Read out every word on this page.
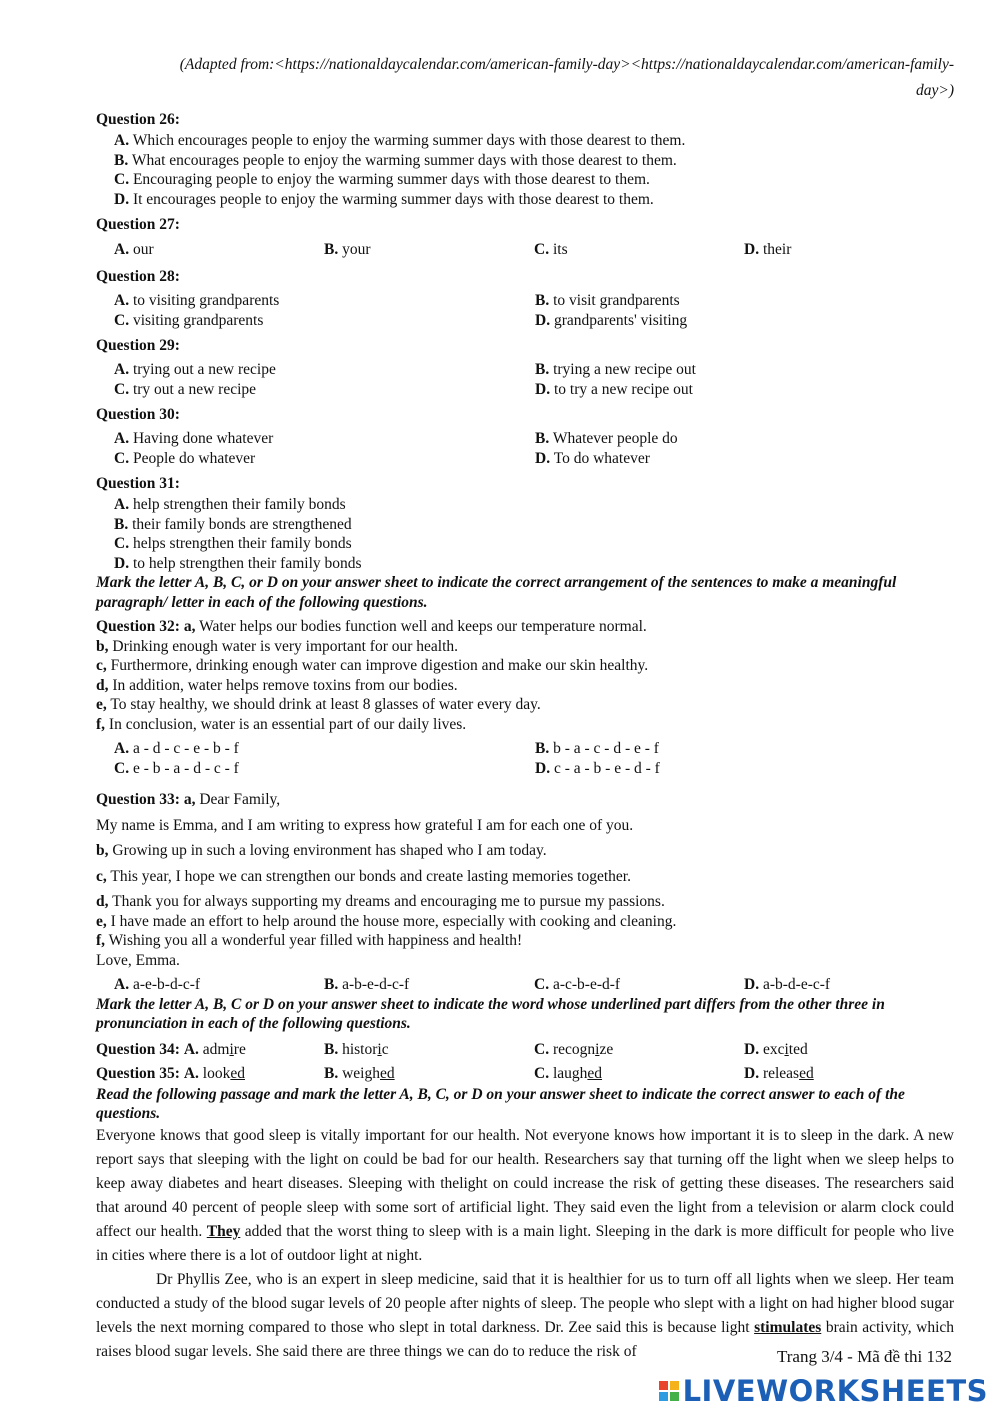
(Adapted from:<https://nationaldaycalendar.com/american-family-day><https://nationaldaycalendar.com/american-family-
day>)
Question 26:
A. Which encourages people to enjoy the warming summer days with those dearest to them.
B. What encourages people to enjoy the warming summer days with those dearest to them.
C. Encouraging people to enjoy the warming summer days with those dearest to them.
D. It encourages people to enjoy the warming summer days with those dearest to them.
Question 27:
A. our	B. your	C. its	D. their
Question 28:
A. to visiting grandparents	B. to visit grandparents
C. visiting grandparents	D. grandparents' visiting
Question 29:
A. trying out a new recipe	B. trying a new recipe out
C. try out a new recipe	D. to try a new recipe out
Question 30:
A. Having done whatever	B. Whatever people do
C. People do whatever	D. To do whatever
Question 31:
A. help strengthen their family bonds
B. their family bonds are strengthened
C. helps strengthen their family bonds
D. to help strengthen their family bonds
Mark the letter A, B, C, or D on your answer sheet to indicate the correct arrangement of the sentences to make a meaningful paragraph/ letter in each of the following questions.
Question 32: a, Water helps our bodies function well and keeps our temperature normal.
b, Drinking enough water is very important for our health.
c, Furthermore, drinking enough water can improve digestion and make our skin healthy.
d, In addition, water helps remove toxins from our bodies.
e, To stay healthy, we should drink at least 8 glasses of water every day.
f, In conclusion, water is an essential part of our daily lives.
A. a - d - c - e - b - f	B. b - a - c - d - e - f
C. e - b - a - d - c - f	D. c - a - b - e - d - f
Question 33: a, Dear Family,
My name is Emma, and I am writing to express how grateful I am for each one of you.
b, Growing up in such a loving environment has shaped who I am today.
c, This year, I hope we can strengthen our bonds and create lasting memories together.
d, Thank you for always supporting my dreams and encouraging me to pursue my passions.
e, I have made an effort to help around the house more, especially with cooking and cleaning.
f, Wishing you all a wonderful year filled with happiness and health!
Love, Emma.
A. a-e-b-d-c-f	B. a-b-e-d-c-f	C. a-c-b-e-d-f	D. a-b-d-e-c-f
Mark the letter A, B, C or D on your answer sheet to indicate the word whose underlined part differs from the other three in pronunciation in each of the following questions.
Question 34: A. admire	B. historic	C. recognize	D. excited
Question 35: A. looked	B. weighed	C. laughed	D. released
Read the following passage and mark the letter A, B, C, or D on your answer sheet to indicate the correct answer to each of the questions.

Everyone knows that good sleep is vitally important for our health. Not everyone knows how important it is to sleep in the dark. A new report says that sleeping with the light on could be bad for our health. Researchers say that turning off the light when we sleep helps to keep away diabetes and heart diseases. Sleeping with thelight on could increase the risk of getting these diseases. The researchers said that around 40 percent of people sleep with some sort of artificial light. They said even the light from a television or alarm clock could affect our health. They added that the worst thing to sleep with is a main light. Sleeping in the dark is more difficult for people who live in cities where there is a lot of outdoor light at night.

Dr Phyllis Zee, who is an expert in sleep medicine, said that it is healthier for us to turn off all lights when we sleep. Her team conducted a study of the blood sugar levels of 20 people after nights of sleep. The people who slept with a light on had higher blood sugar levels the next morning compared to those who slept in total darkness. Dr. Zee said this is because light stimulates brain activity, which raises blood sugar levels. She said there are three things we can do to reduce the risk of	Trang 3/4 - Mã đề thi 132
LIVEWORKSHEETS
